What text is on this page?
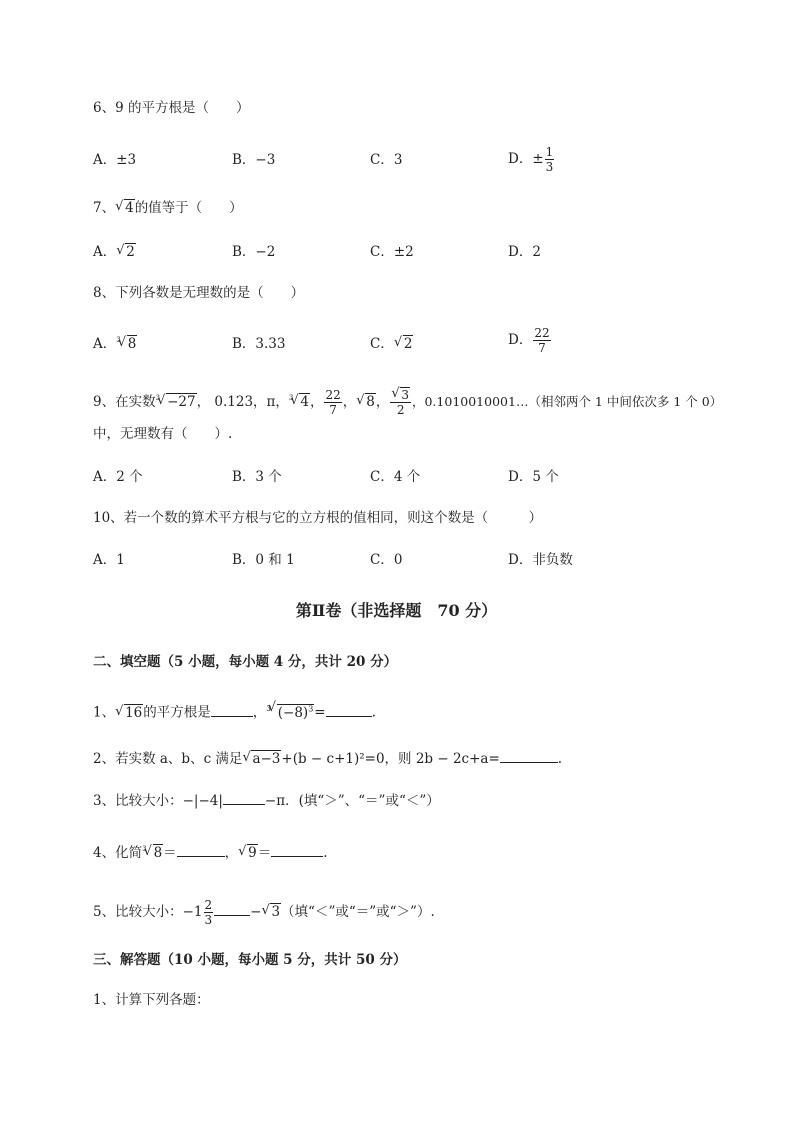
6、9 的平方根是（　　）
A．±3	B．−3	C．3	D．± $\frac{1}{3}$
7、 √ 4的值等于（　　）
A． √ 2	B．−2	C．±2	D．2
8、下列各数是无理数的是（　　）
A．$^3$ √ 8	B．3.33	C． √ 2	D． $\frac{22}{7}$
9、在实数$^3$ √ −27， 0.123，π，$^3$ √ 4， $\frac{22}{7}$ ， √ 8， √ $\frac{3}{2}$ ，0.1010010001…（相邻两个 1 中间依次多 1 个 0）
中，无理数有（　　）.
A．2 个	B．3 个	C．4 个	D．5 个
10、若一个数的算术平方根与它的立方根的值相同，则这个数是（　　　）
A．1	B．0 和 1	C．0	D．非负数
第Ⅱ卷（非选择题　70 分）
二、填空题（5 小题，每小题 4 分，共计 20 分）
1、 √ 16的平方根是	，$^3$ √ $(-8)^3=$	.
2、若实数 a、b、c 满足 √ a−3+(b − c+1)²=0，则 2b − 2c+a=	.
3、比较大小：−|−4|	−π．(填“＞”、“＝”或“＜”）
4、化简$^3$ √ 8＝	， √ 9＝	.
5、比较大小：$-1 \frac{2}{3}$	− √ 3（填“＜”或“＝”或“＞”）.
三、解答题（10 小题，每小题 5 分，共计 50 分）
1、计算下列各题：
